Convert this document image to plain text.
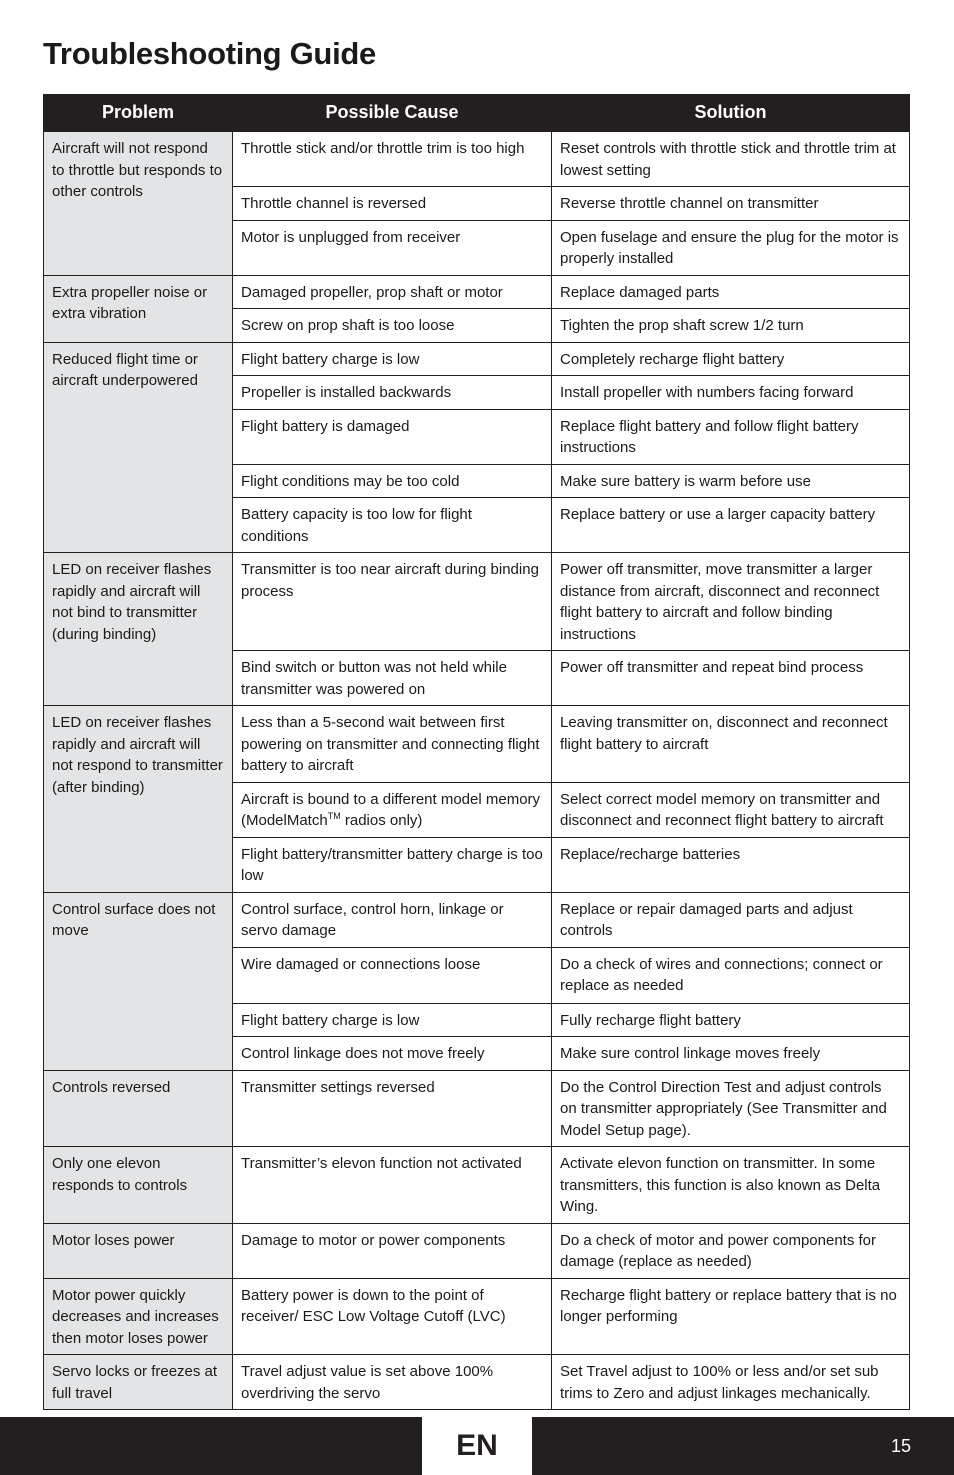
Troubleshooting Guide
Problem	Possible Cause	Solution
Aircraft will not respond to throttle but responds to other controls	Throttle stick and/or throttle trim is too high	Reset controls with throttle stick and throttle trim at lowest setting
	Throttle channel is reversed	Reverse throttle channel on transmitter
	Motor is unplugged from receiver	Open fuselage and ensure the plug for the motor is properly installed
Extra propeller noise or extra vibration	Damaged propeller, prop shaft or motor	Replace damaged parts
	Screw on prop shaft is too loose	Tighten the prop shaft screw 1/2 turn
Reduced flight time or aircraft underpowered	Flight battery charge is low	Completely recharge flight battery
	Propeller is installed backwards	Install propeller with numbers facing forward
	Flight battery is damaged	Replace flight battery and follow flight battery instructions
	Flight conditions may be too cold	Make sure battery is warm before use
	Battery capacity is too low for flight conditions	Replace battery or use a larger capacity battery
LED on receiver flashes rapidly and aircraft will not bind to transmitter (during binding)	Transmitter is too near aircraft during binding process	Power off transmitter, move transmitter a larger distance from aircraft, disconnect and reconnect flight battery to aircraft and follow binding instructions
	Bind switch or button was not held while transmitter was powered on	Power off transmitter and repeat bind process
LED on receiver flashes rapidly and aircraft will not respond to transmitter (after binding)	Less than a 5-second wait between first powering on transmitter and connecting flight battery to aircraft	Leaving transmitter on, disconnect and reconnect flight battery to aircraft
	Aircraft is bound to a different model memory (ModelMatch™ radios only)	Select correct model memory on transmitter and disconnect and reconnect flight battery to aircraft
	Flight battery/transmitter battery charge is too low	Replace/recharge batteries
Control surface does not move	Control surface, control horn, linkage or servo damage	Replace or repair damaged parts and adjust controls
	Wire damaged or connections loose	Do a check of wires and connections; connect or replace as needed
	Flight battery charge is low	Fully recharge flight battery
	Control linkage does not move freely	Make sure control linkage moves freely
Controls reversed	Transmitter settings reversed	Do the Control Direction Test and adjust controls on transmitter appropriately (See Transmitter and Model Setup page).
Only one elevon responds to controls	Transmitter’s elevon function not activated	Activate elevon function on transmitter. In some transmitters, this function is also known as Delta Wing.
Motor loses power	Damage to motor or power components	Do a check of motor and power components for damage (replace as needed)
Motor power quickly decreases and increases then motor loses power	Battery power is down to the point of receiver/ ESC Low Voltage Cutoff (LVC)	Recharge flight battery or replace battery that is no longer performing
Servo locks or freezes at full travel	Travel adjust value is set above 100% overdriving the servo	Set Travel adjust to 100% or less and/or set sub trims to Zero and adjust linkages mechanically.
EN	15
